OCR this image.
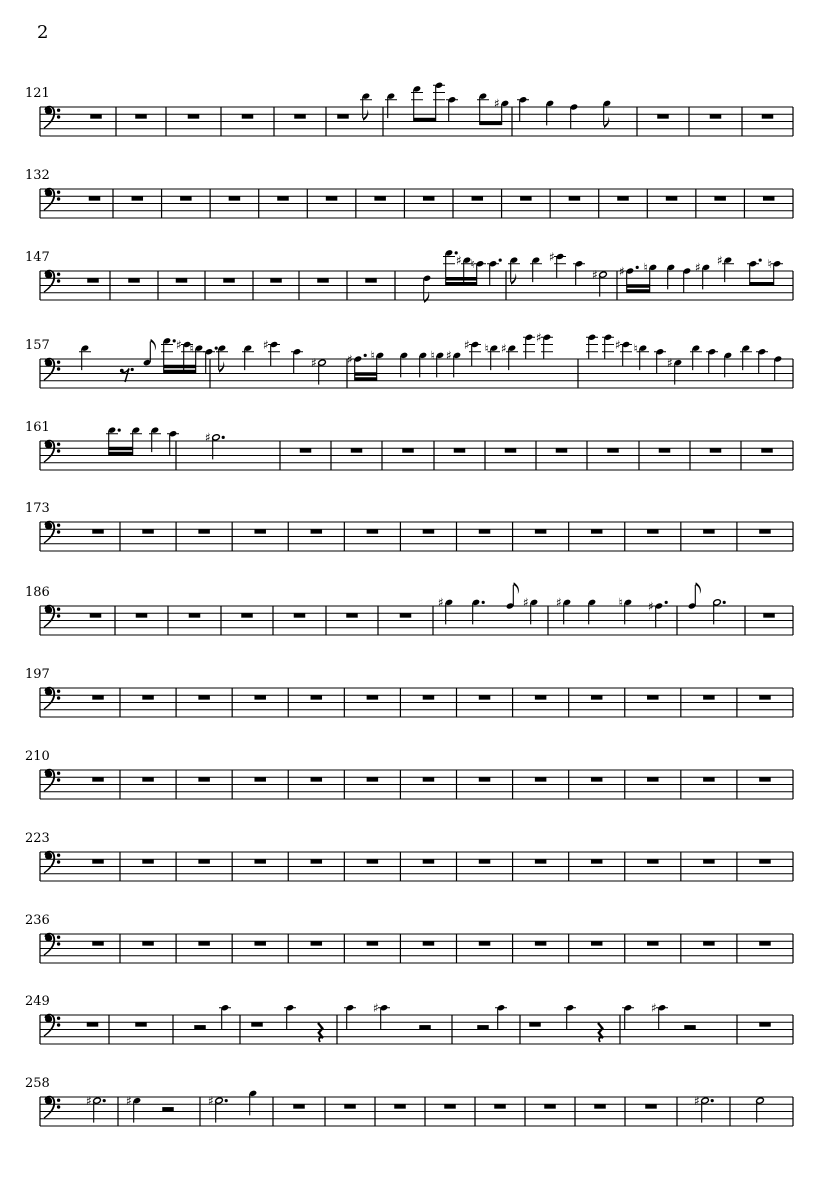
2
121
♯
132
147	♯ ♮
♯
♯ ♯ ♮	♯
♯	♮
157	♯ ♮	♯
♯	♯ ♮	♮ ♯
♯ ♮ ♯
♯
♯ ♮
♯
161
♯
173
186
♯	♯ ♯	♮ ♯
197
210
223
236
249	♯	♯
258
♯	♯	♯	♯
